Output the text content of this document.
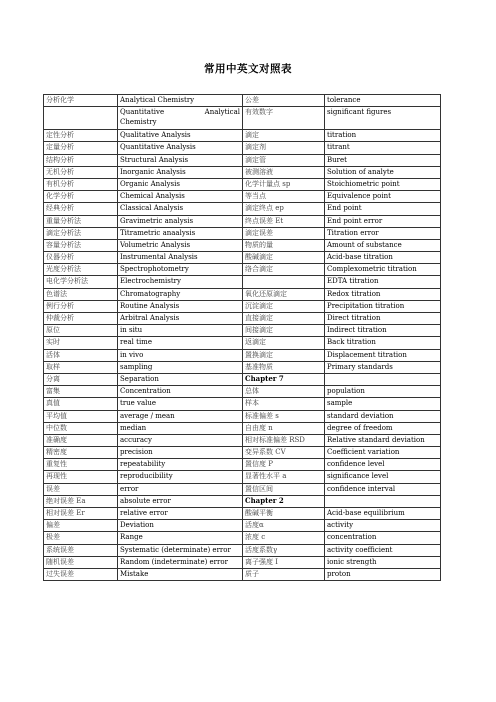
常用中英文对照表
分析化学	Analytical Chemistry	公差	tolerance
	Quantitative Analytical Chemistry	有效数字	significant figures
定性分析	Qualitative Analysis	滴定	titration
定量分析	Quantitative Analysis	滴定剂	titrant
结构分析	Structural Analysis	滴定管	Buret
无机分析	Inorganic Analysis	被测溶液	Solution of analyte
有机分析	Organic Analysis	化学计量点 sp	Stoichiometric point
化学分析	Chemical Analysis	等当点	Equivalence point
经典分析	Classical Analysis	滴定终点 ep	End point
重量分析法	Gravimetric analysis	终点误差 Et	End point error
滴定分析法	Titrametric anaalysis	滴定误差	Titration error
容量分析法	Volumetric Analysis	物质的量	Amount of substance
仪器分析	Instrumental Analysis	酸碱滴定	Acid-base titration
光度分析法	Spectrophotometry	络合滴定	Complexometric titration
电化学分析法	Electrochemistry		EDTA titration
色谱法	Chromatography	氧化还原滴定	Redox titration
例行分析	Routine Analysis	沉淀滴定	Precipitation titration
仲裁分析	Arbitral Analysis	直接滴定	Direct titration
原位	in situ	间接滴定	Indirect titration
实时	real time	返滴定	Back titration
活体	in vivo	置换滴定	Displacement titration
取样	sampling	基准物质	Primary standards
分离	Separation	Chapter 7	
富集	Concentration	总体	population
真值	true value	样本	sample
平均值	average / mean	标准偏差 s	standard deviation
中位数	median	自由度 n	degree of freedom
准确度	accuracy	相对标准偏差 RSD	Relative standard deviation
精密度	precision	变异系数 CV	Coefficient variation
重复性	repeatability	置信度 P	confidence level
再现性	reproducibility	显著性水平 a	significance level
误差	error	置信区间	confidence interval
绝对误差 Ea	absolute error	Chapter 2	
相对误差 Er	relative error	酸碱平衡	Acid-base equilibrium
偏差	Deviation	活度α	activity
极差	Range	浓度 c	concentration
系统误差	Systematic (determinate) error	活度系数γ	activity coefficient
随机误差	Random (indeterminate) error	离子强度 I	ionic strength
过失误差	Mistake	质子	proton
